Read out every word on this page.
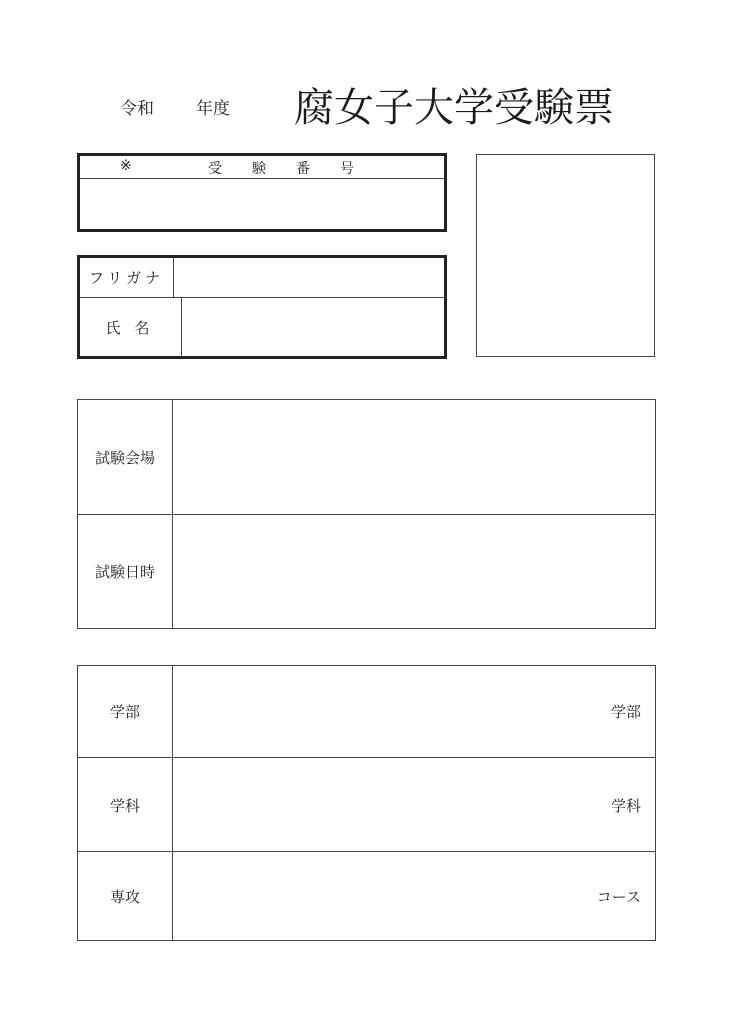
令和 年度 腐女子大学受験票
※	受験番号
フリガナ
氏名
試験会場
試験日時
学部	学部
学科	学科
専攻	コース
